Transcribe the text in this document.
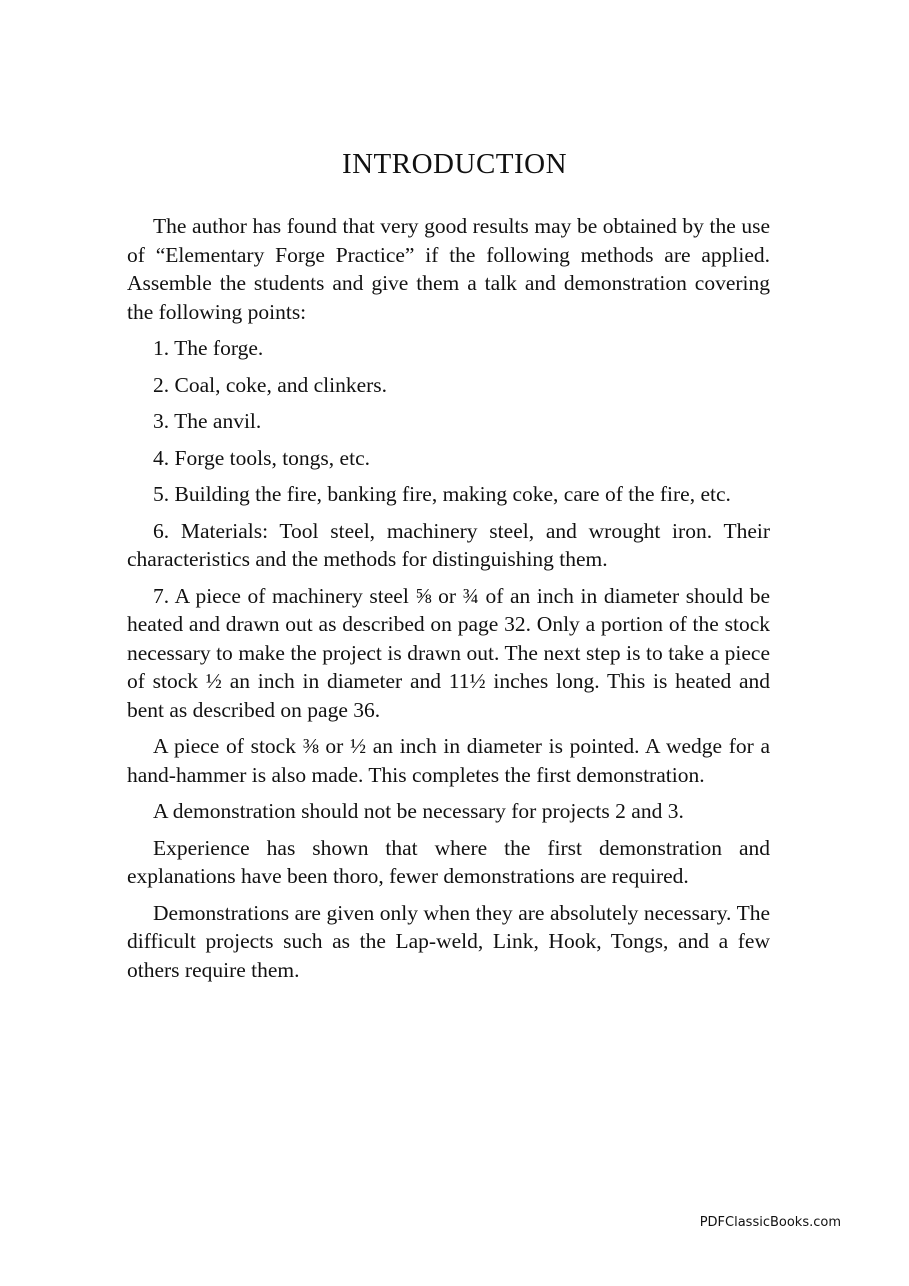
INTRODUCTION

The author has found that very good results may be obtained by the use of “Elementary Forge Practice” if the following methods are applied. Assemble the students and give them a talk and demonstration covering the following points:

1. The forge.

2. Coal, coke, and clinkers.

3. The anvil.

4. Forge tools, tongs, etc.

5. Building the fire, banking fire, making coke, care of the fire, etc.

6. Materials: Tool steel, machinery steel, and wrought iron. Their characteristics and the methods for distinguishing them.

7. A piece of machinery steel ⅝ or ¾ of an inch in diameter should be heated and drawn out as described on page 32. Only a portion of the stock necessary to make the project is drawn out. The next step is to take a piece of stock ½ an inch in diameter and 11½ inches long. This is heated and bent as described on page 36.

A piece of stock ⅜ or ½ an inch in diameter is pointed. A wedge for a hand-hammer is also made. This completes the first demonstration.

A demonstration should not be necessary for projects 2 and 3.

Experience has shown that where the first demonstration and explanations have been thoro, fewer demonstrations are required.

Demonstrations are given only when they are absolutely necessary. The difficult projects such as the Lap-weld, Link, Hook, Tongs, and a few others require them.

PDFClassicBooks.com
